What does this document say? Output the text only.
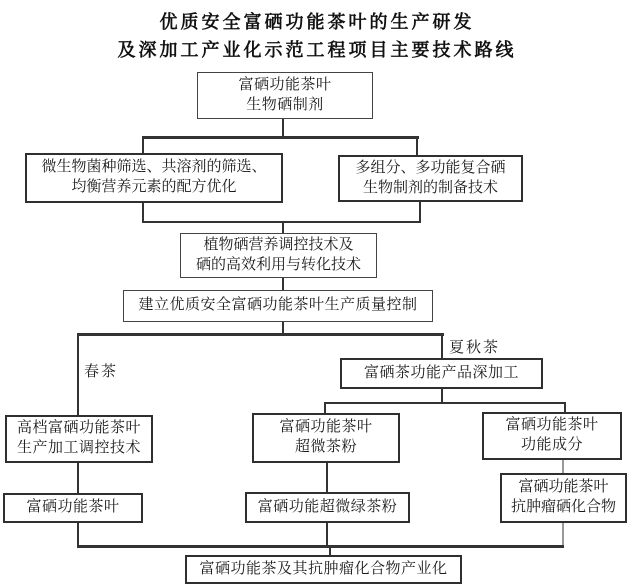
优质安全富硒功能茶叶的生产研发
及深加工产业化示范工程项目主要技术路线
春茶
夏秋茶
富硒功能茶叶
生物硒制剂
微生物菌种筛选、共溶剂的筛选、
均衡营养元素的配方优化
多组分、多功能复合硒
生物制剂的制备技术
植物硒营养调控技术及
硒的高效利用与转化技术
建立优质安全富硒功能茶叶生产质量控制
富硒茶功能产品深加工
高档富硒功能茶叶
生产加工调控技术
富硒功能茶叶
超微茶粉
富硒功能茶叶
功能成分
富硒功能茶叶	富硒功能超微绿茶粉
富硒功能茶叶
抗肿瘤硒化合物
富硒功能茶及其抗肿瘤化合物产业化
